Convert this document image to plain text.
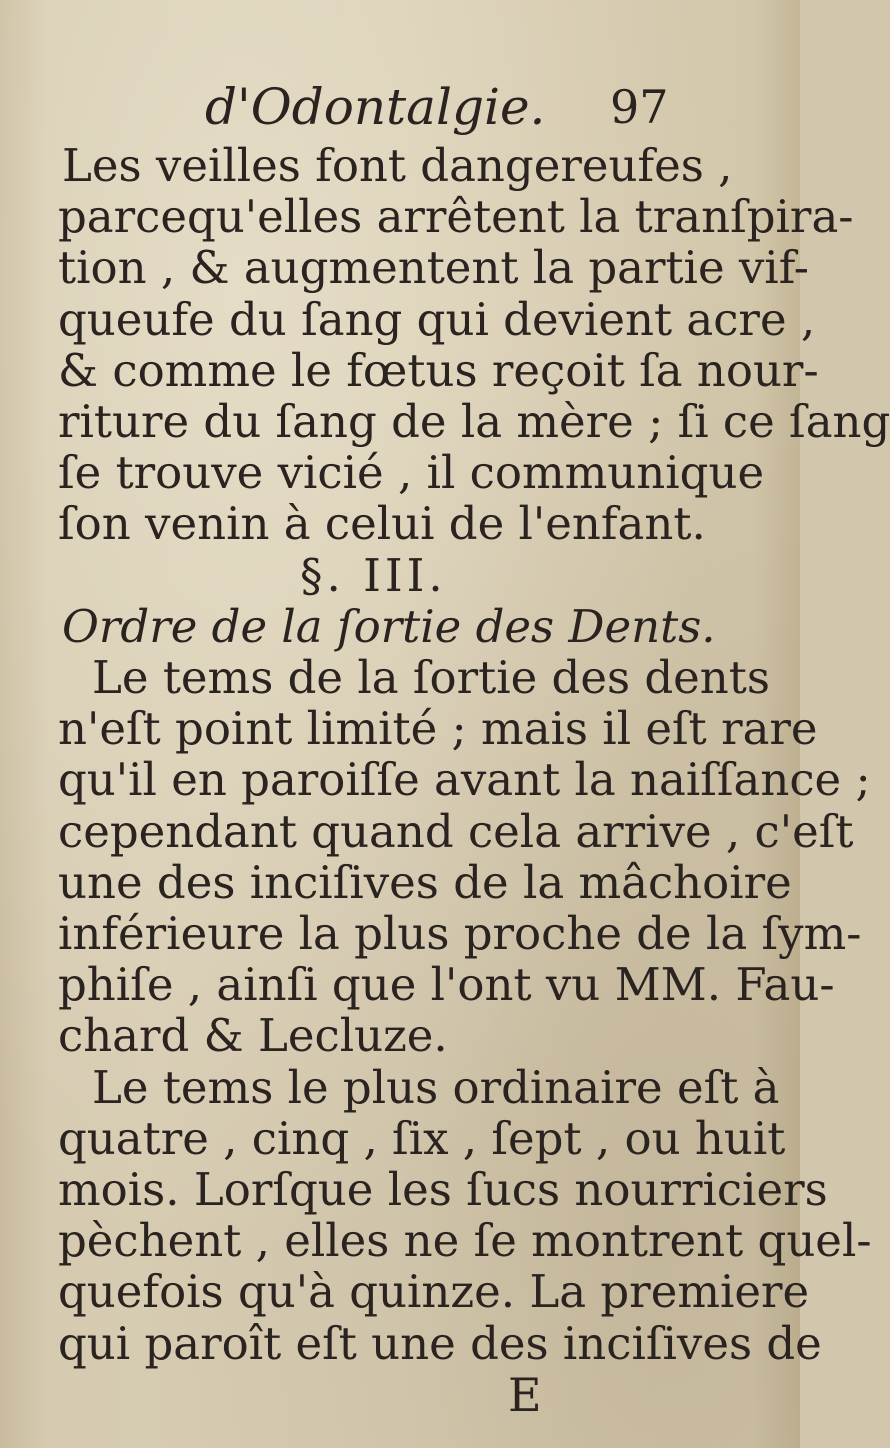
d'Odontalgie. 97
Les veilles font dangereufes ,
parcequ'elles arrêtent la tranſpira-
tion , & augmentent la partie vif-
queufe du ſang qui devient acre ,
& comme le fœtus reçoit ſa nour-
riture du ſang de la mère ; ſi ce ſang
ſe trouve vicié , il communique
ſon venin à celui de l'enfant.
§. III.
Ordre de la ſortie des Dents.
Le tems de la ſortie des dents
n'eſt point limité ; mais il eſt rare
qu'il en paroiſſe avant la naiſſance ;
cependant quand cela arrive , c'eſt
une des inciſives de la mâchoire
inférieure la plus proche de la ſym-
phiſe , ainſi que l'ont vu MM. Fau-
chard & Lecluze.
Le tems le plus ordinaire eſt à
quatre , cinq , ſix , ſept , ou huit
mois. Lorſque les ſucs nourriciers
pèchent , elles ne ſe montrent quel-
quefois qu'à quinze. La premiere
qui paroît eſt une des inciſives de
E
